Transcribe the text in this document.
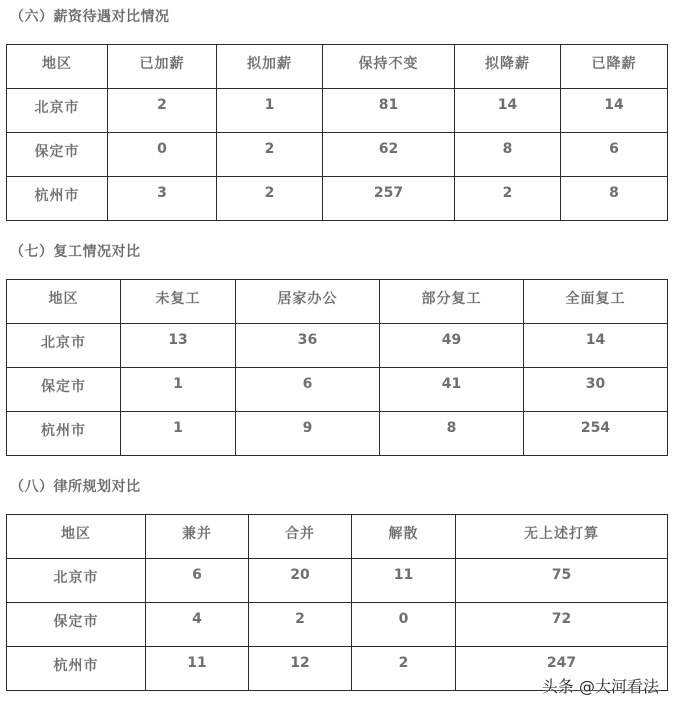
（六）薪资待遇对比情况
地区	已加薪	拟加薪	保持不变	拟降薪	已降薪
北京市	2	1	81	14	14
保定市	0	2	62	8	6
杭州市	3	2	257	2	8
（七）复工情况对比
地区	未复工	居家办公	部分复工	全面复工
北京市	13	36	49	14
保定市	1	6	41	30
杭州市	1	9	8	254
（八）律所规划对比
地区	兼并	合并	解散	无上述打算
北京市	6	20	11	75
保定市	4	2	0	72
杭州市	11	12	2	247
头条 @大河看法
